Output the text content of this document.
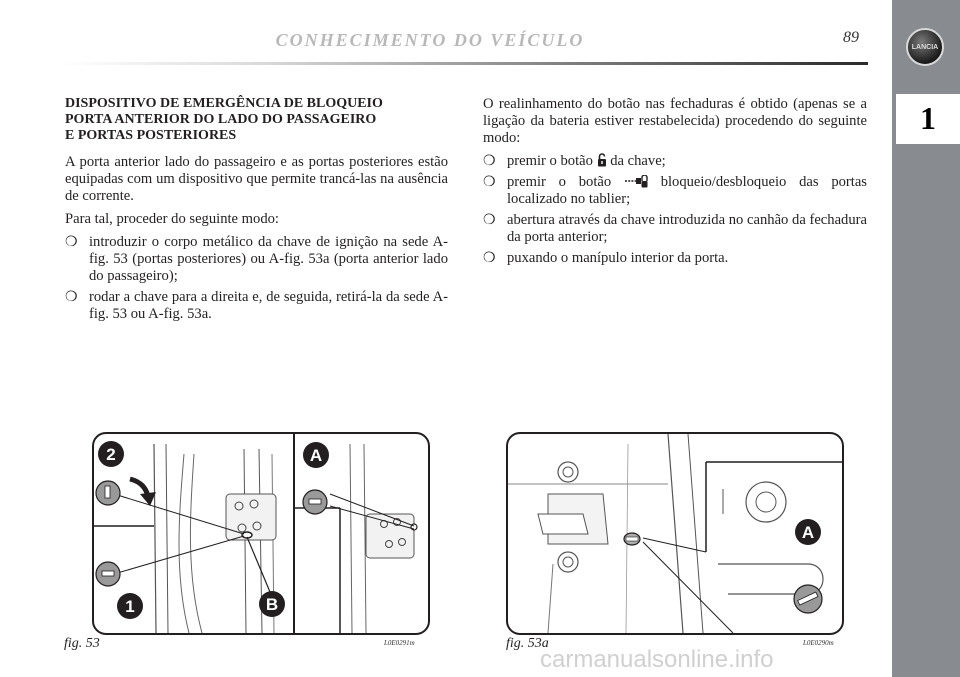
CONHECIMENTO DO VEÍCULO	89
LANCIA
1
DISPOSITIVO DE EMERGÊNCIA DE BLOQUEIO
PORTA ANTERIOR DO LADO DO PASSAGEIRO
E PORTAS POSTERIORES

A porta anterior lado do passageiro e as portas posteriores estão equipadas com um dispositivo que permite trancá-las na ausência de corrente.

Para tal, proceder do seguinte modo:

❍ introduzir o corpo metálico da chave de ignição na sede A-fig. 53 (portas posteriores) ou A-fig. 53a (porta anterior lado do passageiro);
❍ rodar a chave para a direita e, de seguida, retirá-la da sede A-fig. 53 ou A-fig. 53a.

O realinhamento do botão nas fechaduras é obtido (apenas se a ligação da bateria estiver restabelecida) procedendo do seguinte modo:

❍ premir o botão da chave;
❍ premir o botão	bloqueio/desbloqueio das portas localizado no tablier;
❍ abertura através da chave introduzida no canhão da fechadura da porta anterior;
❍ puxando o manípulo interior da porta.
2
1	B
A
fig. 53	L0E0291m
A
fig. 53a	L0E0290m
carmanualsonline.info
